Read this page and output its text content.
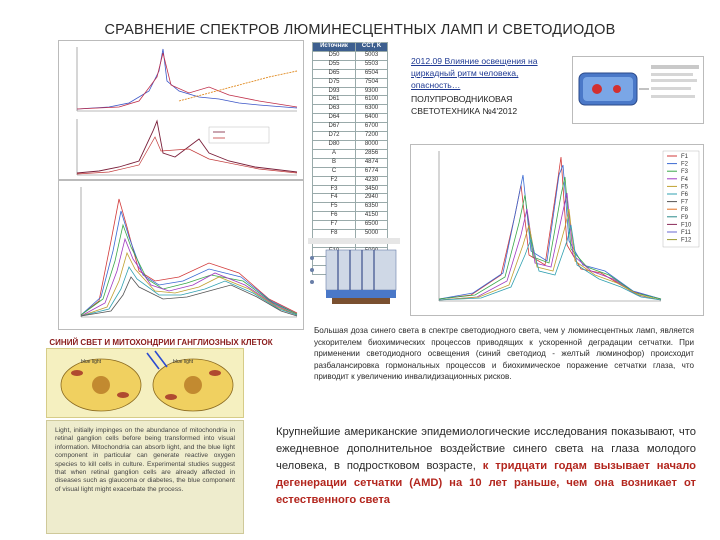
СРАВНЕНИЕ СПЕКТРОВ ЛЮМИНЕСЦЕНТНЫХ ЛАМП И СВЕТОДИОДОВ
Источник	CCT, K
D50	5003
D55	5503
D65	6504
D75	7504
D93	9300
D61	6100
D63	6300
D64	6400
D67	6700
D72	7200
D80	8000
A	2856
B	4874
C	6774
F2	4230
F3	3450
F4	2940
F5	6350
F6	4150
F7	6500
F8	5000

2012.09 Влияние освещения на циркадный ритм человека, опасность…
ПОЛУПРОВОДНИКОВАЯ СВЕТОТЕХНИКА №4'2012
F1
F2
F3
F4
F5
F6
F7
F8
F9
F10
F11
F12
СИНИЙ СВЕТ И МИТОХОНДРИИ ГАНГЛИОЗНЫХ КЛЕТОК
blue light	blue light

Light, initially impinges on the abundance of mitochondria in retinal ganglion cells before being transformed into visual information. Mitochondria can absorb light, and the blue light component in particular can generate reactive oxygen species to kill cells in culture. Experimental studies suggest that when retinal ganglion cells are already affected in diseases such as glaucoma or diabetes, the blue component of visual light might exacerbate the process.

Большая доза синего света в спектре светодиодного света, чем у люминесцентных ламп, является ускорителем биохимических процессов приводящих к ускоренной деградации сетчатки. При применении светодиодного освещения (синий светодиод - желтый люминофор) происходит разбалансировка гормональных процессов и биохимическое поражение сетчатки глаза, что приводит к увеличению инвалидизационных рисков.
Крупнейшие американские эпидемиологические исследования показывают, что ежедневное дополнительное воздействие синего света на глаза молодого человека, в подростковом возрасте, к тридцати годам вызывает начало дегенерации сетчатки (AMD) на 10 лет раньше, чем она возникает от естественного света
